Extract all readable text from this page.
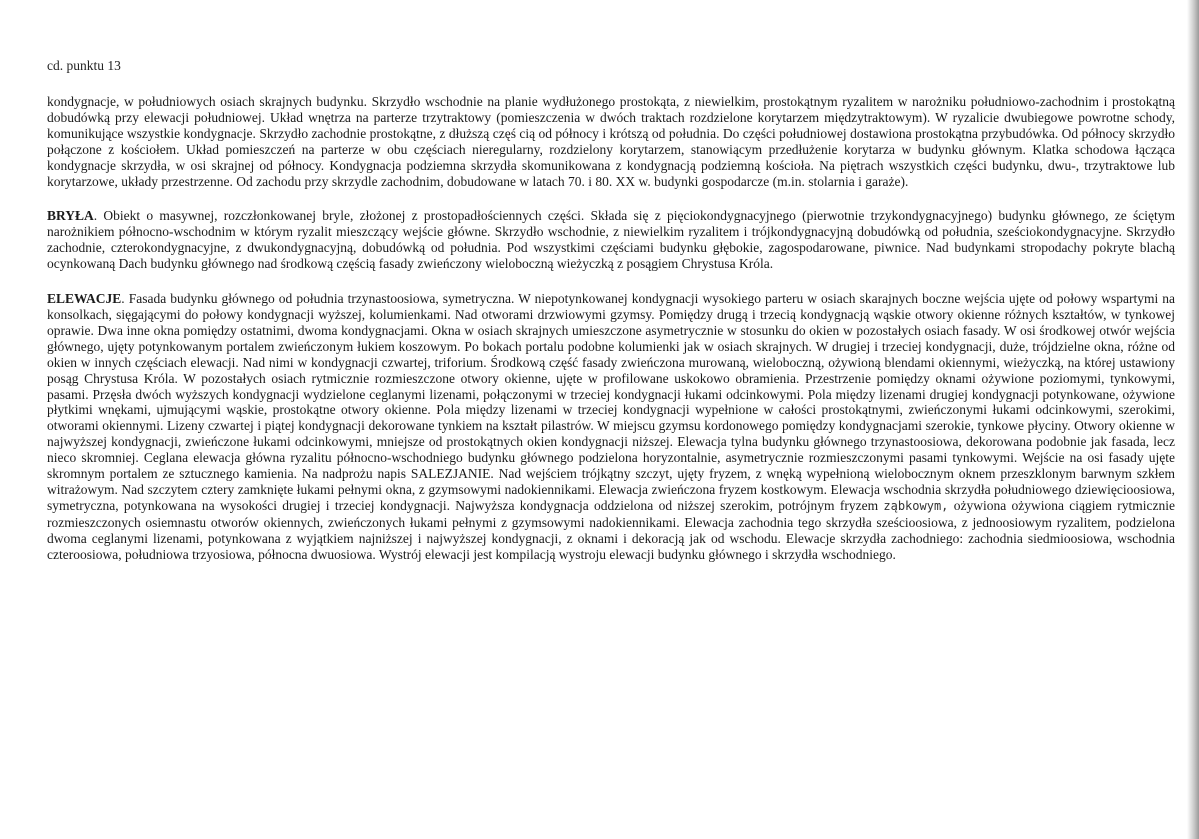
cd. punktu 13

kondygnacje, w południowych osiach skrajnych budynku. Skrzydło wschodnie na planie wydłużonego prostokąta, z niewielkim, prostokątnym ryzalitem w narożniku południowo-zachodnim i prostokątną dobudówką przy elewacji południowej. Układ wnętrza na parterze trzytraktowy (pomieszczenia w dwóch traktach rozdzielone korytarzem międzytraktowym). W ryzalicie dwubiegowe powrotne schody, komunikujące wszystkie kondygnacje. Skrzydło zachodnie prostokątne, z dłuższą częś cią od północy i krótszą od południa. Do części południowej dostawiona prostokątna przybudówka. Od północy skrzydło połączone z kościołem. Układ pomieszczeń na parterze w obu częściach nieregularny, rozdzielony korytarzem, stanowiącym przedłużenie korytarza w budynku głównym. Klatka schodowa łącząca kondygnacje skrzydła, w osi skrajnej od północy. Kondygnacja podziemna skrzydła skomunikowana z kondygnacją podziemną kościoła. Na piętrach wszystkich części budynku, dwu-, trzytraktowe lub korytarzowe, układy przestrzenne. Od zachodu przy skrzydle zachodnim, dobudowane w latach 70. i 80. XX w. budynki gospodarcze (m.in. stolarnia i garaże).

BRYŁA. Obiekt o masywnej, rozczłonkowanej bryle, złożonej z prostopadłościennych części. Składa się z pięciokondygnacyjnego (pierwotnie trzykondygnacyjnego) budynku głównego, ze ściętym narożnikiem północno-wschodnim w którym ryzalit mieszczący wejście główne. Skrzydło wschodnie, z niewielkim ryzalitem i trójkondygnacyjną dobudówką od południa, sześciokondygnacyjne. Skrzydło zachodnie, czterokondygnacyjne, z dwukondygnacyjną, dobudówką od południa. Pod wszystkimi częściami budynku głębokie, zagospodarowane, piwnice. Nad budynkami stropodachy pokryte blachą ocynkowaną Dach budynku głównego nad środkową częścią fasady zwieńczony wieloboczną wieżyczką z posągiem Chrystusa Króla.

ELEWACJE. Fasada budynku głównego od południa trzynastoosiowa, symetryczna. W niepotynkowanej kondygnacji wysokiego parteru w osiach skarajnych boczne wejścia ujęte od połowy wspartymi na konsolkach, sięgającymi do połowy kondygnacji wyższej, kolumienkami. Nad otworami drzwiowymi gzymsy. Pomiędzy drugą i trzecią kondygnacją wąskie otwory okienne różnych kształtów, w tynkowej oprawie. Dwa inne okna pomiędzy ostatnimi, dwoma kondygnacjami. Okna w osiach skrajnych umieszczone asymetrycznie w stosunku do okien w pozostałych osiach fasady. W osi środkowej otwór wejścia głównego, ujęty potynkowanym portalem zwieńczonym łukiem koszowym. Po bokach portalu podobne kolumienki jak w osiach skrajnych. W drugiej i trzeciej kondygnacji, duże, trójdzielne okna, różne od okien w innych częściach elewacji. Nad nimi w kondygnacji czwartej, triforium. Środkową część fasady zwieńczona murowaną, wieloboczną, ożywioną blendami okiennymi, wieżyczką, na której ustawiony posąg Chrystusa Króla. W pozostałych osiach rytmicznie rozmieszczone otwory okienne, ujęte w profilowane uskokowo obramienia. Przestrzenie pomiędzy oknami ożywione poziomymi, tynkowymi, pasami. Przęsła dwóch wyższych kondygnacji wydzielone ceglanymi lizenami, połączonymi w trzeciej kondygnacji łukami odcinkowymi. Pola między lizenami drugiej kondygnacji potynkowane, ożywione płytkimi wnękami, ujmującymi wąskie, prostokątne otwory okienne. Pola między lizenami w trzeciej kondygnacji wypełnione w całości prostokątnymi, zwieńczonymi łukami odcinkowymi, szerokimi, otworami okiennymi. Lizeny czwartej i piątej kondygnacji dekorowane tynkiem na kształt pilastrów. W miejscu gzymsu kordonowego pomiędzy kondygnacjami szerokie, tynkowe płyciny. Otwory okienne w najwyższej kondygnacji, zwieńczone łukami odcinkowymi, mniejsze od prostokątnych okien kondygnacji niższej. Elewacja tylna budynku głównego trzynastoosiowa, dekorowana podobnie jak fasada, lecz nieco skromniej. Ceglana elewacja główna ryzalitu północno-wschodniego budynku głównego podzielona horyzontalnie, asymetrycznie rozmieszczonymi pasami tynkowymi. Wejście na osi fasady ujęte skromnym portalem ze sztucznego kamienia. Na nadprożu napis SALEZJANIE. Nad wejściem trójkątny szczyt, ujęty fryzem, z wnęką wypełnioną wielobocznym oknem przeszklonym barwnym szkłem witrażowym. Nad szczytem cztery zamknięte łukami pełnymi okna, z gzymsowymi nadokiennikami. Elewacja zwieńczona fryzem kostkowym. Elewacja wschodnia skrzydła południowego dziewięcioosiowa, symetryczna, potynkowana na wysokości drugiej i trzeciej kondygnacji. Najwyższa kondygnacja oddzielona od niższej szerokim, potrójnym fryzem ząbkowym, ożywiona ożywiona ciągiem rytmicznie rozmieszczonych osiemnastu otworów okiennych, zwieńczonych łukami pełnymi z gzymsowymi nadokiennikami. Elewacja zachodnia tego skrzydła sześcioosiowa, z jednoosiowym ryzalitem, podzielona dwoma ceglanymi lizenami, potynkowana z wyjątkiem najniższej i najwyższej kondygnacji, z oknami i dekoracją jak od wschodu. Elewacje skrzydła zachodniego: zachodnia siedmioosiowa, wschodnia czteroosiowa, południowa trzyosiowa, północna dwuosiowa. Wystrój elewacji jest kompilacją wystroju elewacji budynku głównego i skrzydła wschodniego.
